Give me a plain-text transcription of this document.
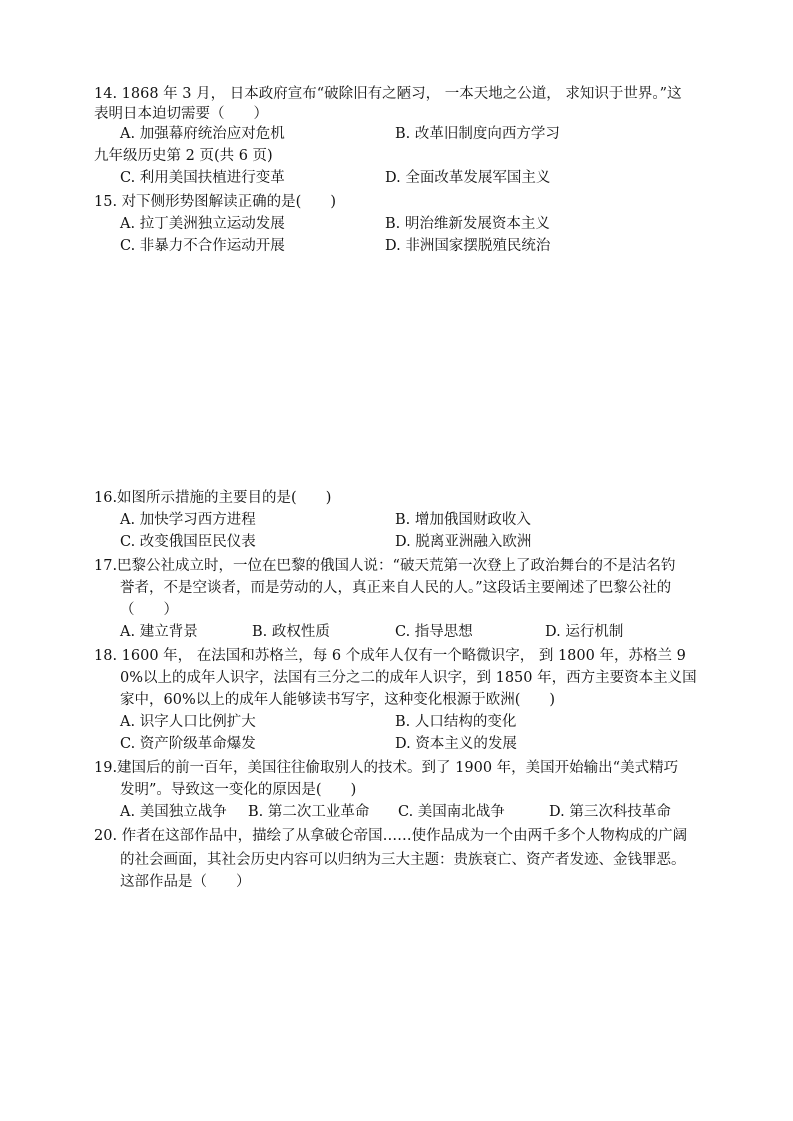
14. 1868 年 3 月， 日本政府宣布“破除旧有之陋习， 一本天地之公道， 求知识于世界。”这
表明日本迫切需要（　　）
A. 加强幕府统治应对危机	B. 改革旧制度向西方学习
九年级历史第 2 页(共 6 页)
C. 利用美国扶植进行变革	D. 全面改革发展军国主义
15. 对下侧形势图解读正确的是(　　)
A. 拉丁美洲独立运动发展	B. 明治维新发展资本主义
C. 非暴力不合作运动开展	D. 非洲国家摆脱殖民统治
16.如图所示措施的主要目的是(　　)
A. 加快学习西方进程	B. 增加俄国财政收入
C. 改变俄国臣民仪表	D. 脱离亚洲融入欧洲
17.巴黎公社成立时，一位在巴黎的俄国人说：“破天荒第一次登上了政治舞台的不是沽名钓
誉者，不是空谈者，而是劳动的人，真正来自人民的人。”这段话主要阐述了巴黎公社的
（　　）
A. 建立背景	B. 政权性质	C. 指导思想	D. 运行机制
18. 1600 年， 在法国和苏格兰，每 6 个成年人仅有一个略微识字， 到 1800 年，苏格兰 9
0%以上的成年人识字，法国有三分之二的成年人识字，到 1850 年，西方主要资本主义国
家中，60%以上的成年人能够读书写字，这种变化根源于欧洲(　　)
A. 识字人口比例扩大	B. 人口结构的变化
C. 资产阶级革命爆发	D. 资本主义的发展
19.建国后的前一百年，美国往往偷取别人的技术。到了 1900 年，美国开始输出“美式精巧
发明”。导致这一变化的原因是(　　)
A. 美国独立战争 B. 第二次工业革命 C. 美国南北战争	D. 第三次科技革命
20. 作者在这部作品中，描绘了从拿破仑帝国……使作品成为一个由两千多个人物构成的广阔
的社会画面，其社会历史内容可以归纳为三大主题：贵族衰亡、资产者发迹、金钱罪恶。
这部作品是（　　）
